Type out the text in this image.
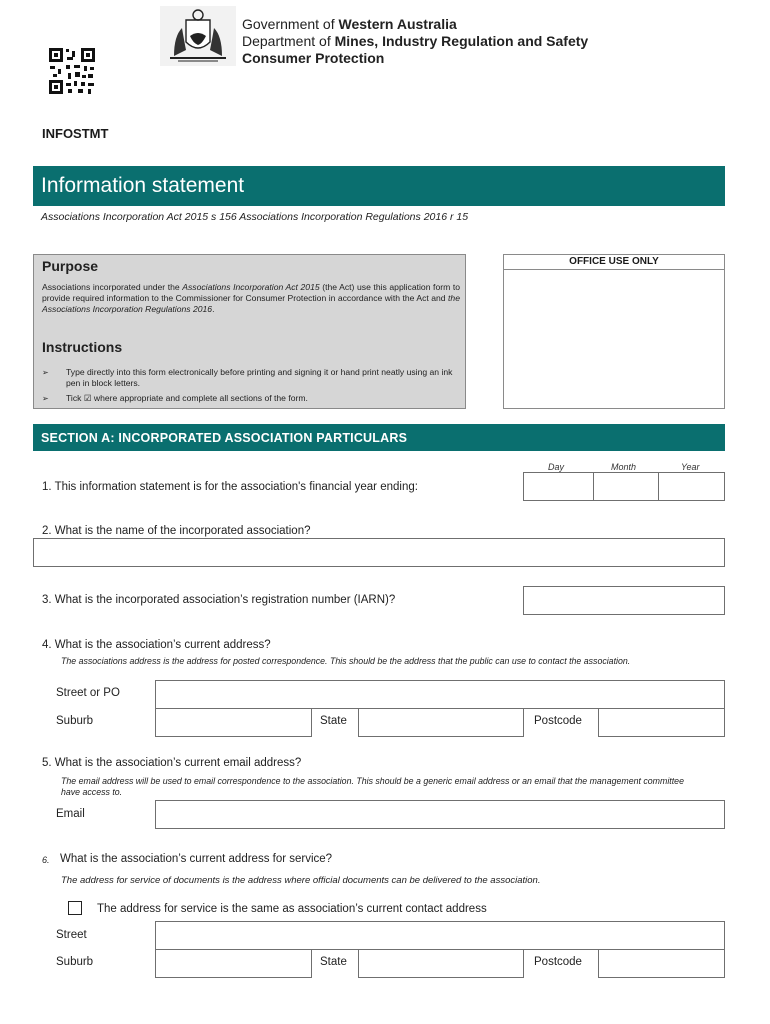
Government of Western Australia
Department of Mines, Industry Regulation and Safety
Consumer Protection
INFOSTMT
Information statement
Associations Incorporation Act 2015 s 156 Associations Incorporation Regulations 2016 r 15
Purpose
Associations incorporated under the Associations Incorporation Act 2015 (the Act) use this application form to provide required information to the Commissioner for Consumer Protection in accordance with the Act and the Associations Incorporation Regulations 2016.
Instructions
➢ Type directly into this form electronically before printing and signing it or hand print neatly using an ink pen in block letters.
➢ Tick ☑ where appropriate and complete all sections of the form.
OFFICE USE ONLY
SECTION A: INCORPORATED ASSOCIATION PARTICULARS
Day	Month	Year
1. This information statement is for the association's financial year ending:
2. What is the name of the incorporated association?
3. What is the incorporated association’s registration number (IARN)?
4. What is the association’s current address?
The associations address is the address for posted correspondence. This should be the address that the public can use to contact the association.
Street or PO
Suburb	State	Postcode
5. What is the association’s current email address?
The email address will be used to email correspondence to the association. This should be a generic email address or an email that the management committee have access to.
Email
6. What is the association’s current address for service?
The address for service of documents is the address where official documents can be delivered to the association.
The address for service is the same as association’s current contact address
Street
Suburb	State	Postcode
